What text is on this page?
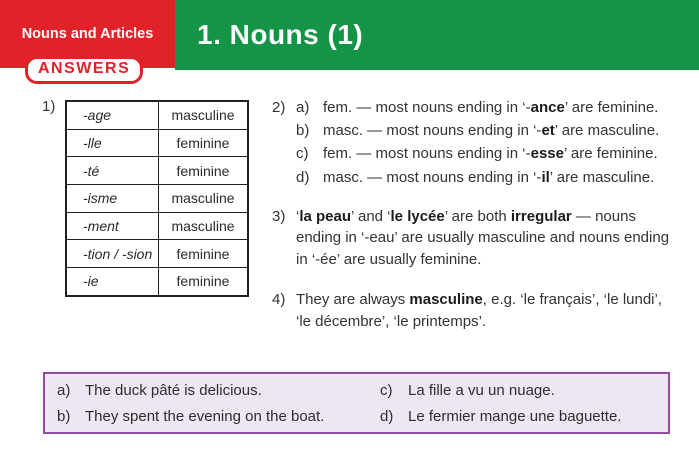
Nouns and Articles	1. Nouns (1)
ANSWERS
1)
-age	masculine
-lle	feminine
-té	feminine
-isme	masculine
-ment	masculine
-tion / -sion	feminine
-ie	feminine
2) a) fem. — most nouns ending in ‘-ance’ are feminine.
b) masc. — most nouns ending in ‘-et’ are masculine.
c) fem. — most nouns ending in ‘-esse’ are feminine.
d) masc. — most nouns ending in ‘-il’ are masculine.
3) ‘la peau’ and ‘le lycée’ are both irregular — nouns
ending in ‘-eau’ are usually masculine and nouns ending
in ‘-ée’ are usually feminine.
4) They are always masculine, e.g. ‘le français’, ‘le lundi’,
‘le décembre’, ‘le printemps’.
a) The duck pâté is delicious.	c)	La fille a vu un nuage.
b) They spent the evening on the boat.	d) Le fermier mange une baguette.
